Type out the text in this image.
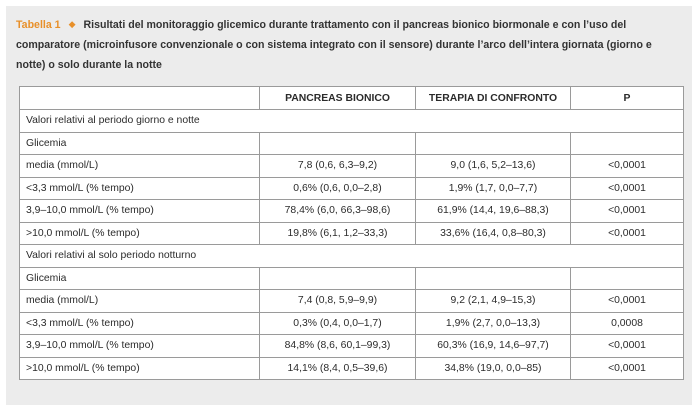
Tabella 1 ◆ Risultati del monitoraggio glicemico durante trattamento con il pancreas bionico biormonale e con l’uso del comparatore (microinfusore convenzionale o con sistema integrato con il sensore) durante l’arco dell’intera giornata (giorno e notte) o solo durante la notte
	PANCREAS BIONICO	TERAPIA DI CONFRONTO	P
Valori relativi al periodo giorno e notte			
Glicemia			
media (mmol/L)	7,8 (0,6, 6,3–9,2)	9,0 (1,6, 5,2–13,6)	<0,0001
<3,3 mmol/L (% tempo)	0,6% (0,6, 0,0–2,8)	1,9% (1,7, 0,0–7,7)	<0,0001
3,9–10,0 mmol/L (% tempo)	78,4% (6,0, 66,3–98,6)	61,9% (14,4, 19,6–88,3)	<0,0001
>10,0 mmol/L (% tempo)	19,8% (6,1, 1,2–33,3)	33,6% (16,4, 0,8–80,3)	<0,0001
Valori relativi al solo periodo notturno			
Glicemia			
media (mmol/L)	7,4 (0,8, 5,9–9,9)	9,2 (2,1, 4,9–15,3)	<0,0001
<3,3 mmol/L (% tempo)	0,3% (0,4, 0,0–1,7)	1,9% (2,7, 0,0–13,3)	0,0008
3,9–10,0 mmol/L (% tempo)	84,8% (8,6, 60,1–99,3)	60,3% (16,9, 14,6–97,7)	<0,0001
>10,0 mmol/L (% tempo)	14,1% (8,4, 0,5–39,6)	34,8% (19,0, 0,0–85)	<0,0001
